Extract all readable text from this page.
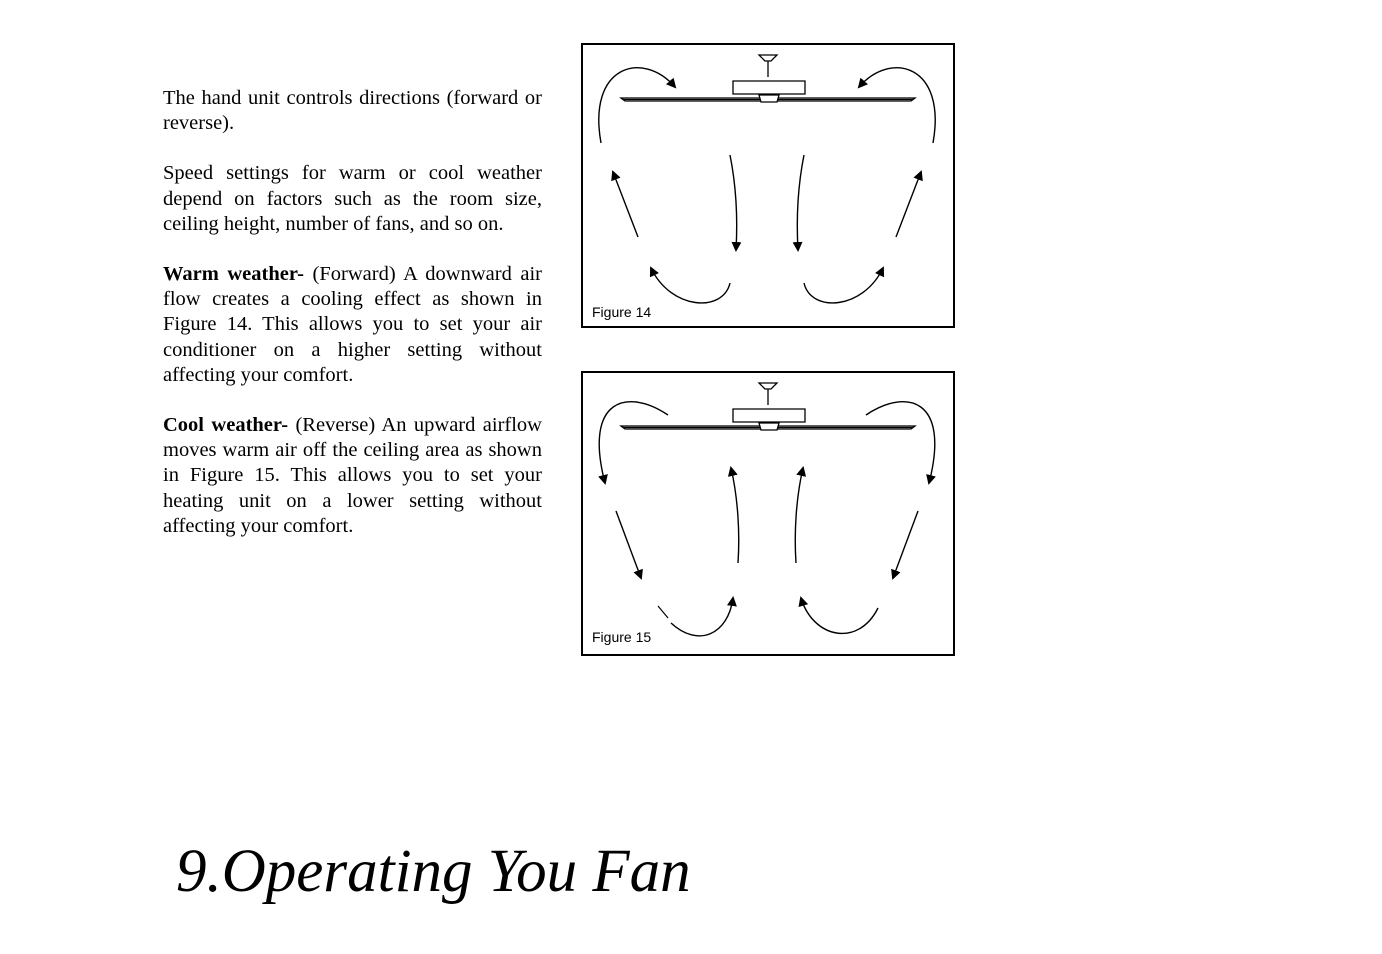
The hand unit controls directions (forward or reverse).

Speed settings for warm or cool weather depend on factors such as the room size, ceiling height, number of fans, and so on.

Warm weather- (Forward) A downward air flow creates a cooling effect as shown in Figure 14. This allows you to set your air conditioner on a higher setting without affecting your comfort.

Cool weather- (Reverse) An upward airflow moves warm air off the ceiling area as shown in Figure 15. This allows you to set your heating unit on a lower setting without affecting your comfort.

Figure 14
Figure 15
9.Operating You Fan
